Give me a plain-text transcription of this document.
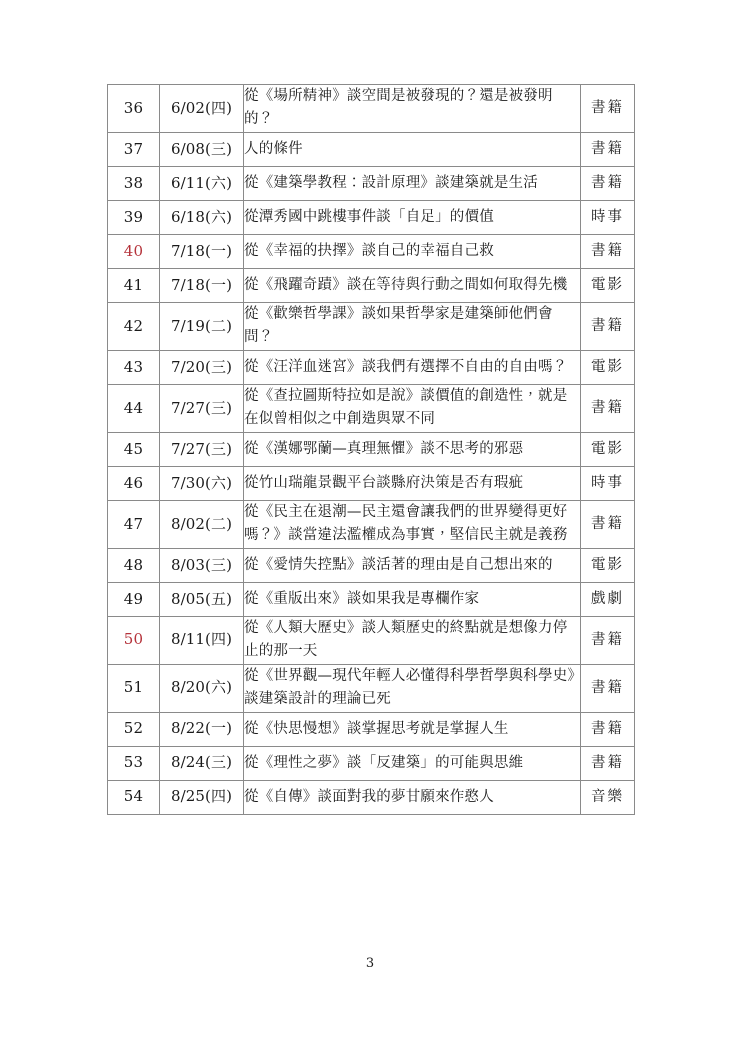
36	6/02(四)	從《場所精神》談空間是被發現的？還是被發明的？	書籍
37	6/08(三)	人的條件	書籍
38	6/11(六)	從《建築學教程：設計原理》談建築就是生活	書籍
39	6/18(六)	從潭秀國中跳樓事件談「自足」的價值	時事
40	7/18(一)	從《幸福的抉擇》談自己的幸福自己救	書籍
41	7/18(一)	從《飛躍奇蹟》談在等待與行動之間如何取得先機	電影
42	7/19(二)	從《歡樂哲學課》談如果哲學家是建築師他們會問？	書籍
43	7/20(三)	從《汪洋血迷宮》談我們有選擇不自由的自由嗎？	電影
44	7/27(三)	從《查拉圖斯特拉如是說》談價值的創造性，就是在似曾相似之中創造與眾不同	書籍
45	7/27(三)	從《漢娜鄂蘭—真理無懼》談不思考的邪惡	電影
46	7/30(六)	從竹山瑞龍景觀平台談縣府決策是否有瑕疵	時事
47	8/02(二)	從《民主在退潮—民主還會讓我們的世界變得更好嗎？》談當違法濫權成為事實，堅信民主就是義務	書籍
48	8/03(三)	從《愛情失控點》談活著的理由是自己想出來的	電影
49	8/05(五)	從《重版出來》談如果我是專欄作家	戲劇
50	8/11(四)	從《人類大歷史》談人類歷史的終點就是想像力停止的那一天	書籍
51	8/20(六)	從《世界觀—現代年輕人必懂得科學哲學與科學史》談建築設計的理論已死	書籍
52	8/22(一)	從《快思慢想》談掌握思考就是掌握人生	書籍
53	8/24(三)	從《理性之夢》談「反建築」的可能與思維	書籍
54	8/25(四)	從《自傳》談面對我的夢甘願來作憨人	音樂
3
